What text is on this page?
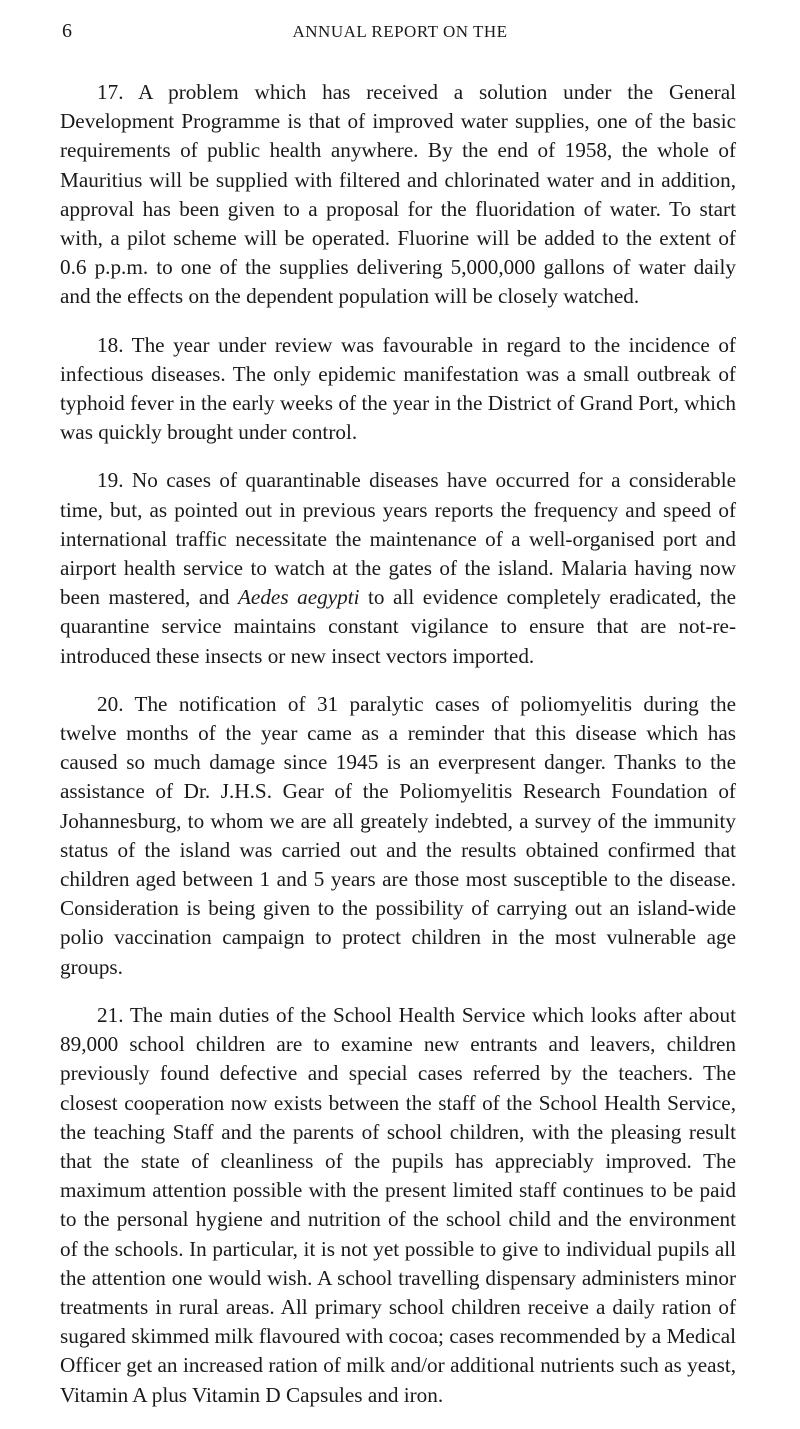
6	ANNUAL REPORT ON THE

17. A problem which has received a solution under the General Development Programme is that of improved water supplies, one of the basic requirements of public health anywhere. By the end of 1958, the whole of Mauritius will be supplied with filtered and chlorinated water and in addition, approval has been given to a proposal for the fluoridation of water. To start with, a pilot scheme will be operated. Fluorine will be added to the extent of 0.6 p.p.m. to one of the supplies delivering 5,000,000 gallons of water daily and the effects on the dependent population will be closely watched.

18. The year under review was favourable in regard to the incidence of infectious diseases. The only epidemic manifestation was a small outbreak of typhoid fever in the early weeks of the year in the District of Grand Port, which was quickly brought under control.

19. No cases of quarantinable diseases have occurred for a considerable time, but, as pointed out in previous years reports the frequency and speed of international traffic necessitate the maintenance of a well-organised port and airport health service to watch at the gates of the island. Malaria having now been mastered, and Aedes aegypti to all evidence completely eradicated, the quarantine service maintains constant vigilance to ensure that are not-re-introduced these insects or new insect vectors imported.

20. The notification of 31 paralytic cases of poliomyelitis during the twelve months of the year came as a reminder that this disease which has caused so much damage since 1945 is an everpresent danger. Thanks to the assistance of Dr. J.H.S. Gear of the Poliomyelitis Research Foundation of Johannesburg, to whom we are all greately indebted, a survey of the immunity status of the island was carried out and the results obtained confirmed that children aged between 1 and 5 years are those most susceptible to the disease. Consideration is being given to the possibility of carrying out an island-wide polio vaccination campaign to protect children in the most vulnerable age groups.

21. The main duties of the School Health Service which looks after about 89,000 school children are to examine new entrants and leavers, children previously found defective and special cases referred by the teachers. The closest cooperation now exists between the staff of the School Health Service, the teaching Staff and the parents of school children, with the pleasing result that the state of cleanliness of the pupils has appreciably improved. The maximum attention possible with the present limited staff continues to be paid to the personal hygiene and nutrition of the school child and the environment of the schools. In particular, it is not yet possible to give to individual pupils all the attention one would wish. A school travelling dispensary administers minor treatments in rural areas. All primary school children receive a daily ration of sugared skimmed milk flavoured with cocoa; cases recommended by a Medical Officer get an increased ration of milk and/or additional nutrients such as yeast, Vitamin A plus Vitamin D Capsules and iron.
